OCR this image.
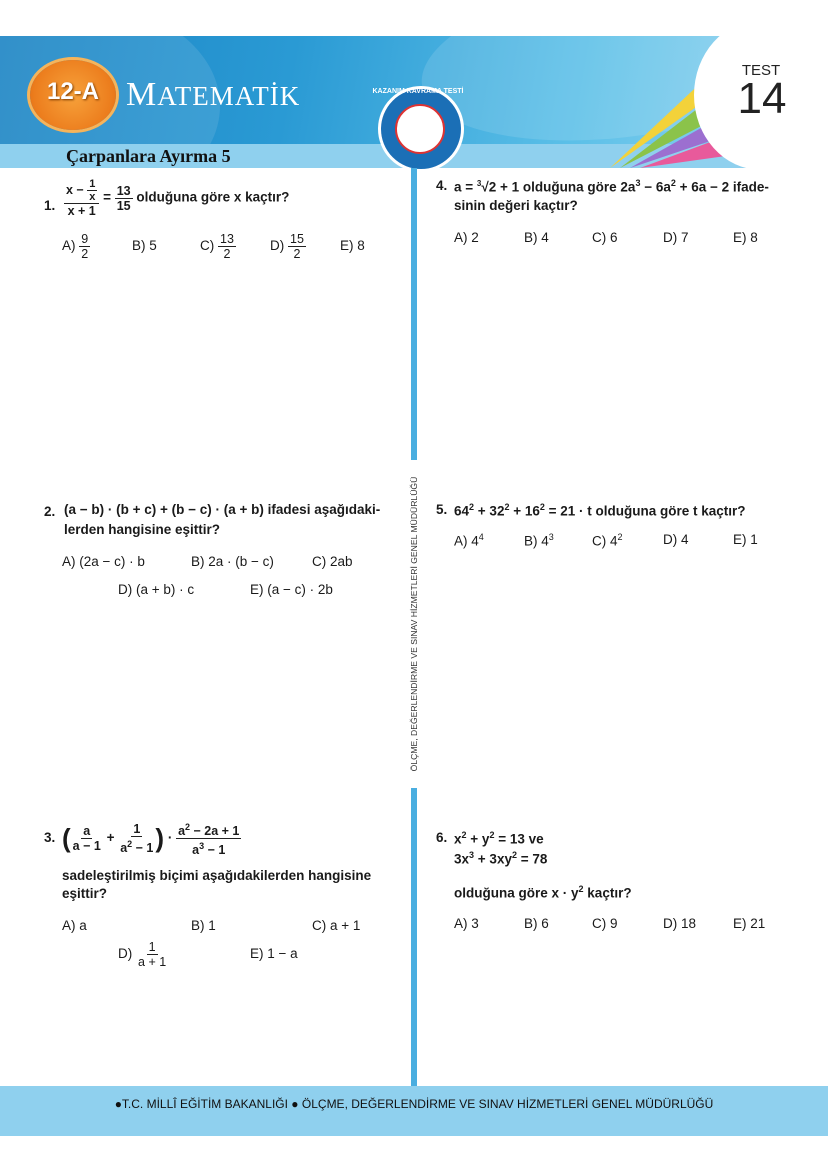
12-A MATEMATİK	KAZANIM KAVRAMA TESTİ
TEST
14
Çarpanlara Ayırma 5
ÖLÇME, DEĞERLENDİRME VE SINAV HİZMETLERİ GENEL MÜDÜRLÜĞÜ
1. $\frac{x - \frac{1}{x}}{x + 1} = \frac{13}{15}$ olduğuna göre x kaçtır?
$A) \frac{9}{2}$	B) 5	$C) \frac{13}{2}$	$D) \frac{15}{2}$	E) 8
2. (a − b) · (b + c) + (b − c) · (a + b) ifadesi aşağıdaki-
lerden hangisine eşittir?
A) (2a − c) · b	B) 2a · (b − c)	C) 2ab
D) (a + b) · c	E) (a − c) · 2b
3. ( $\frac{a}{a - 1} + \frac{1}{a^2 - 1}$ ) · $\frac{a^2 - 2a + 1}{a^3 - 1}$
sadeleştirilmiş biçimi aşağıdakilerden hangisine
eşittir?
A) a	B) 1	C) a + 1
$D) \frac{1}{a + 1}$	E) 1 − a
4. a = $^3$√2 + 1 olduğuna göre $2a^3 - 6a^2 + 6a - 2$ ifade-
sinin değeri kaçtır?
A) 2	B) 4	C) 6	D) 7	E) 8
5. $64^2 + 32^2 + 16^2 = 21 \cdot t$ olduğuna göre t kaçtır?
A) $4^4$	B) $4^3$	C) $4^2$	D) 4	E) 1
6. $x^2 + y^2 = 13$ ve
$3x^3 + 3xy^2 = 78$
olduğuna göre $x \cdot y^2$ kaçtır?
A) 3	B) 6	C) 9	D) 18	E) 21
●T.C. MİLLÎ EĞİTİM BAKANLIĞI ● ÖLÇME, DEĞERLENDİRME VE SINAV HİZMETLERİ GENEL MÜDÜRLÜĞÜ
